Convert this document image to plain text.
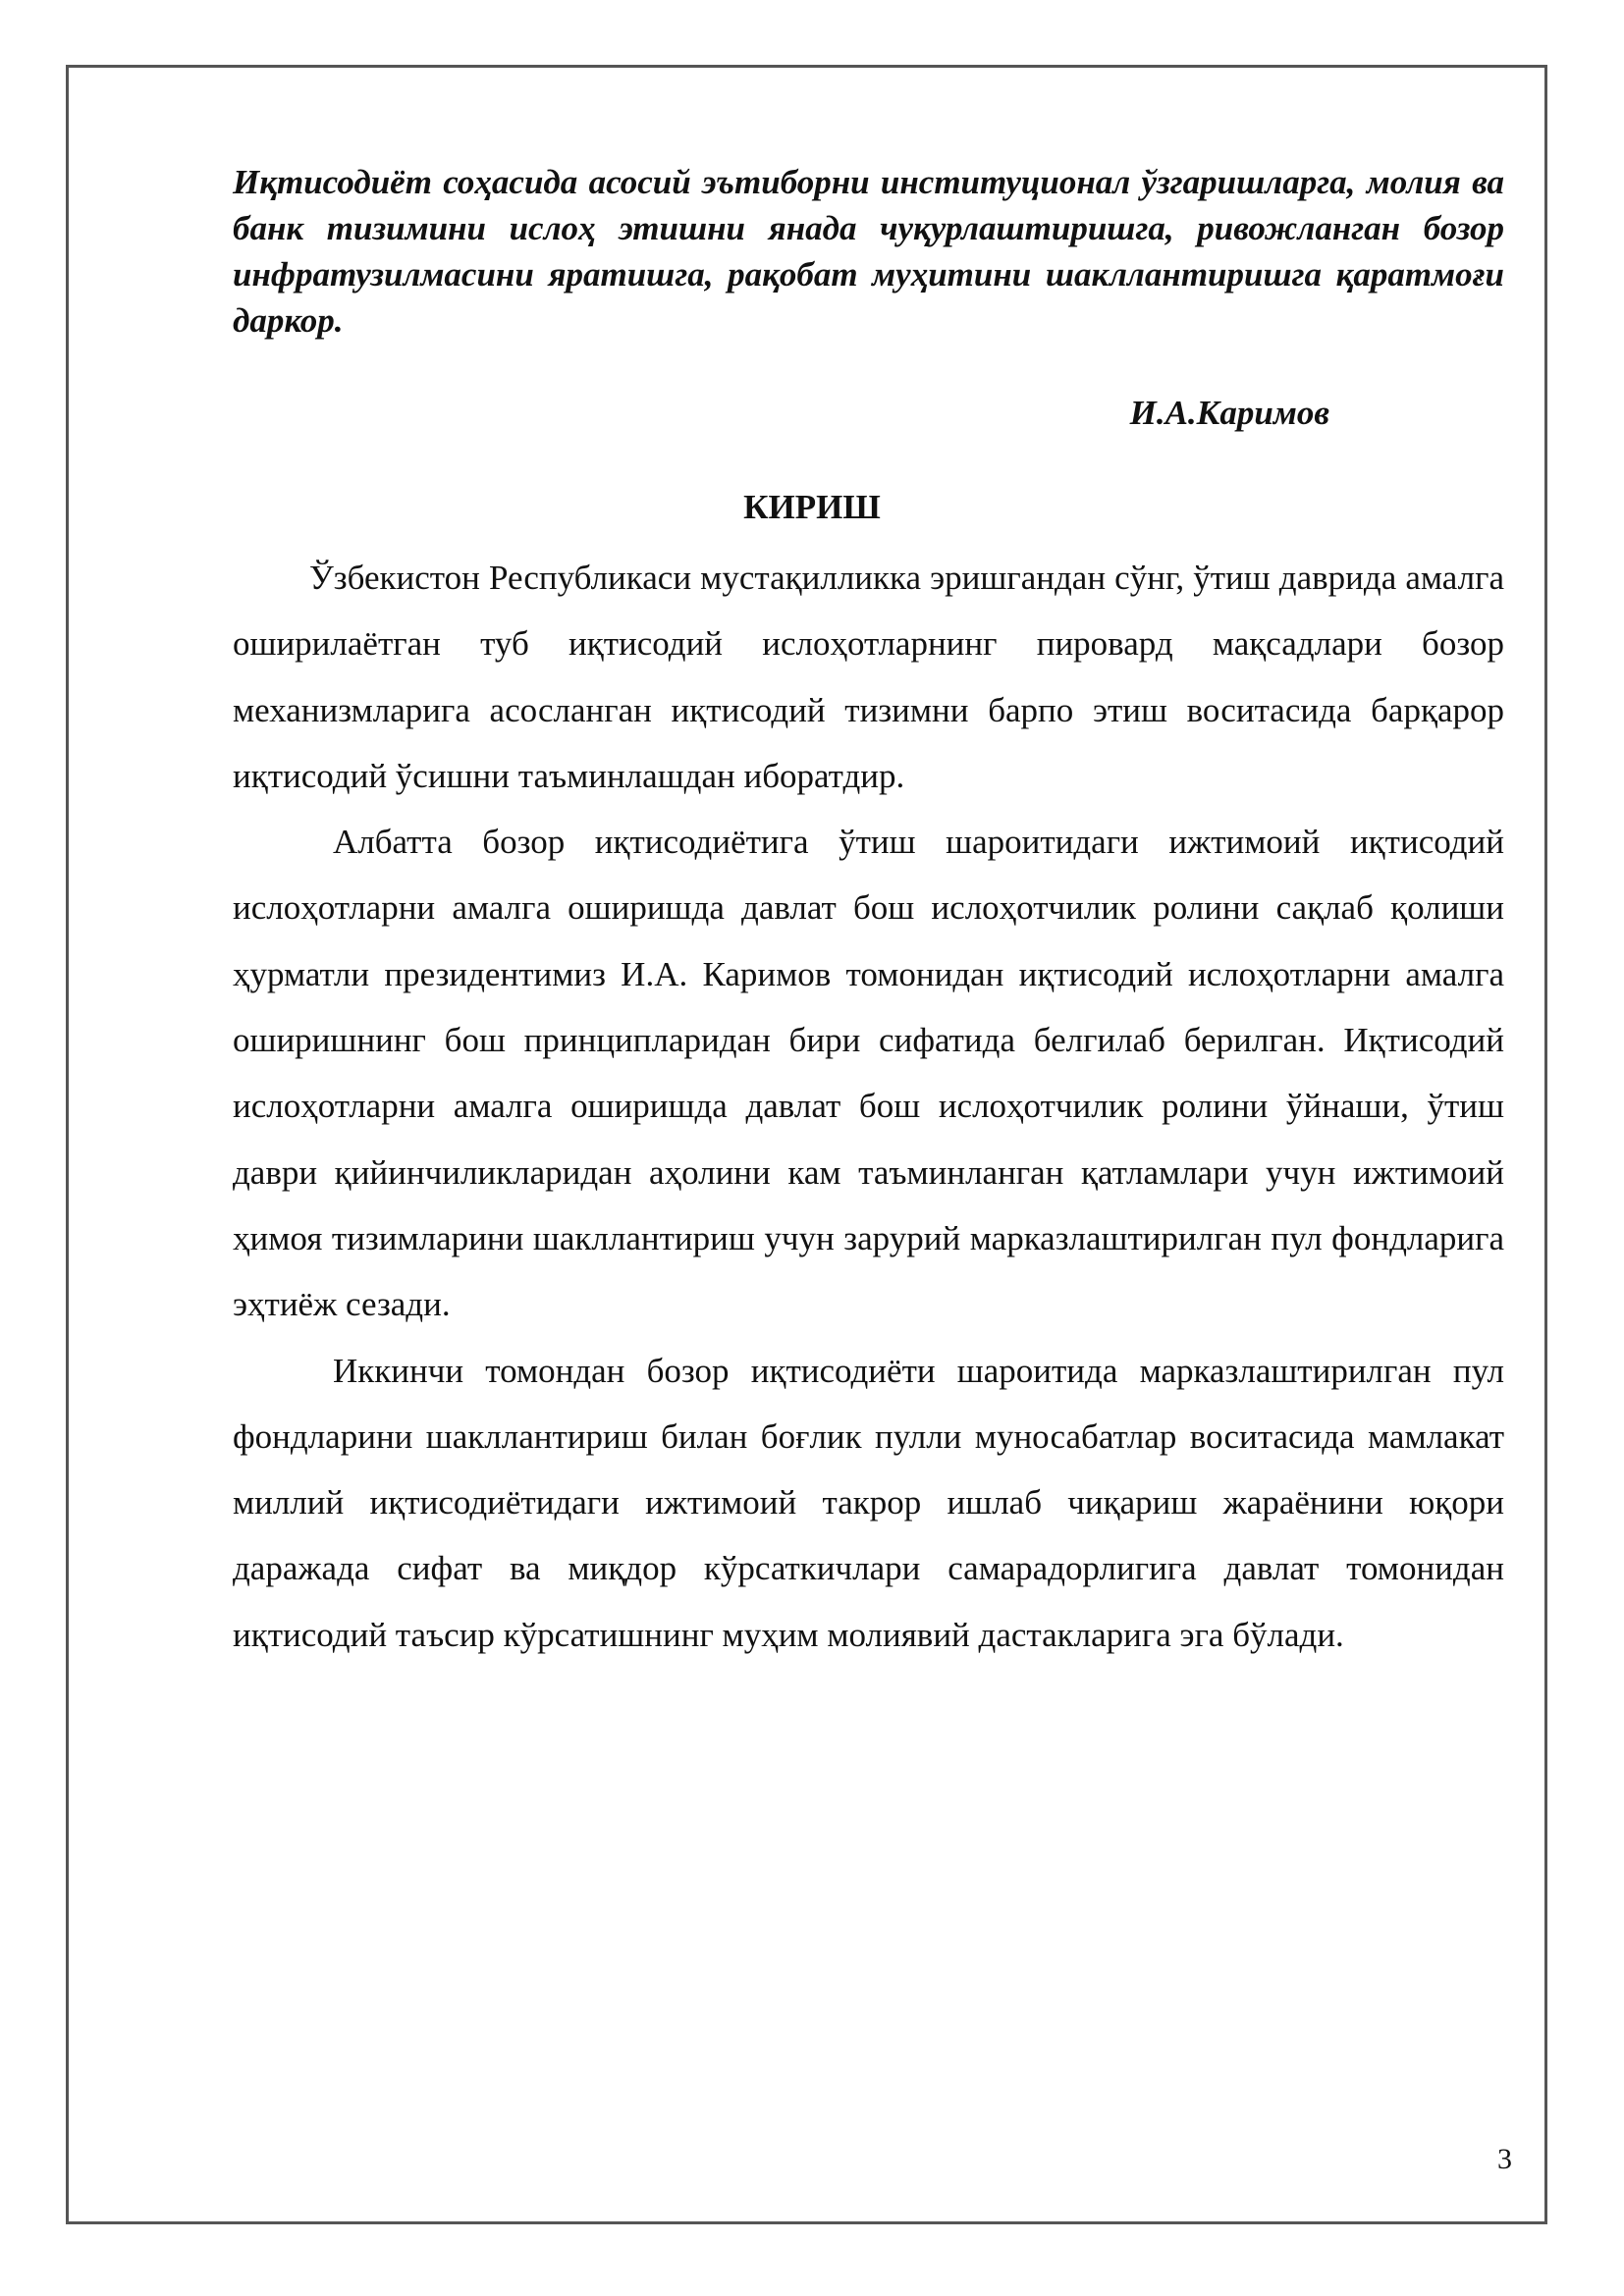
Иқтисодиёт соҳасида асосий эътиборни институционал ўзгаришларга, молия ва банк тизимини ислоҳ этишни янада чуқурлаштиришга, ривожланган бозор инфратузилмасини яратишга, рақобат муҳитини шакллантиришга қаратмоғи даркор.

И.А.Каримов

КИРИШ

Ўзбекистон Республикаси мустақилликка эришгандан сўнг, ўтиш даврида амалга оширилаётган туб иқтисодий ислоҳотларнинг пировард мақсадлари бозор механизмларига асосланган иқтисодий тизимни барпо этиш воситасида барқарор иқтисодий ўсишни таъминлашдан иборатдир.

Албатта бозор иқтисодиётига ўтиш шароитидаги ижтимоий иқтисодий ислоҳотларни амалга оширишда давлат бош ислоҳотчилик ролини сақлаб қолиши ҳурматли президентимиз И.А. Каримов томонидан иқтисодий ислоҳотларни амалга оширишнинг бош принципларидан бири сифатида белгилаб берилган. Иқтисодий ислоҳотларни амалга оширишда давлат бош ислоҳотчилик ролини ўйнаши, ўтиш даври қийинчиликларидан аҳолини кам таъминланган қатламлари учун ижтимоий ҳимоя тизимларини шакллантириш учун зарурий марказлаштирилган пул фондларига эҳтиёж сезади.

Иккинчи томондан бозор иқтисодиёти шароитида марказлаштирилган пул фондларини шакллантириш билан боғлик пулли муносабатлар воситасида мамлакат миллий иқтисодиётидаги ижтимоий такрор ишлаб чиқариш жараёнини юқори даражада сифат ва миқдор кўрсаткичлари самарадорлигига давлат томонидан иқтисодий таъсир кўрсатишнинг муҳим молиявий дастакларига эга бўлади.

3
